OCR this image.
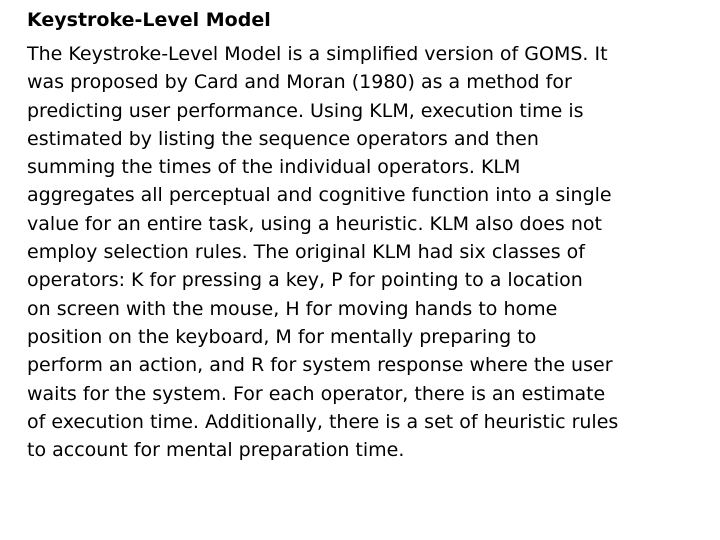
Keystroke-Level Model

The Keystroke-Level Model is a simplified version of GOMS. It
was proposed by Card and Moran (1980) as a method for
predicting user performance. Using KLM, execution time is
estimated by listing the sequence operators and then
summing the times of the individual operators. KLM
aggregates all perceptual and cognitive function into a single
value for an entire task, using a heuristic. KLM also does not
employ selection rules. The original KLM had six classes of
operators: K for pressing a key, P for pointing to a location
on screen with the mouse, H for moving hands to home
position on the keyboard, M for mentally preparing to
perform an action, and R for system response where the user
waits for the system. For each operator, there is an estimate
of execution time. Additionally, there is a set of heuristic rules
to account for mental preparation time.
